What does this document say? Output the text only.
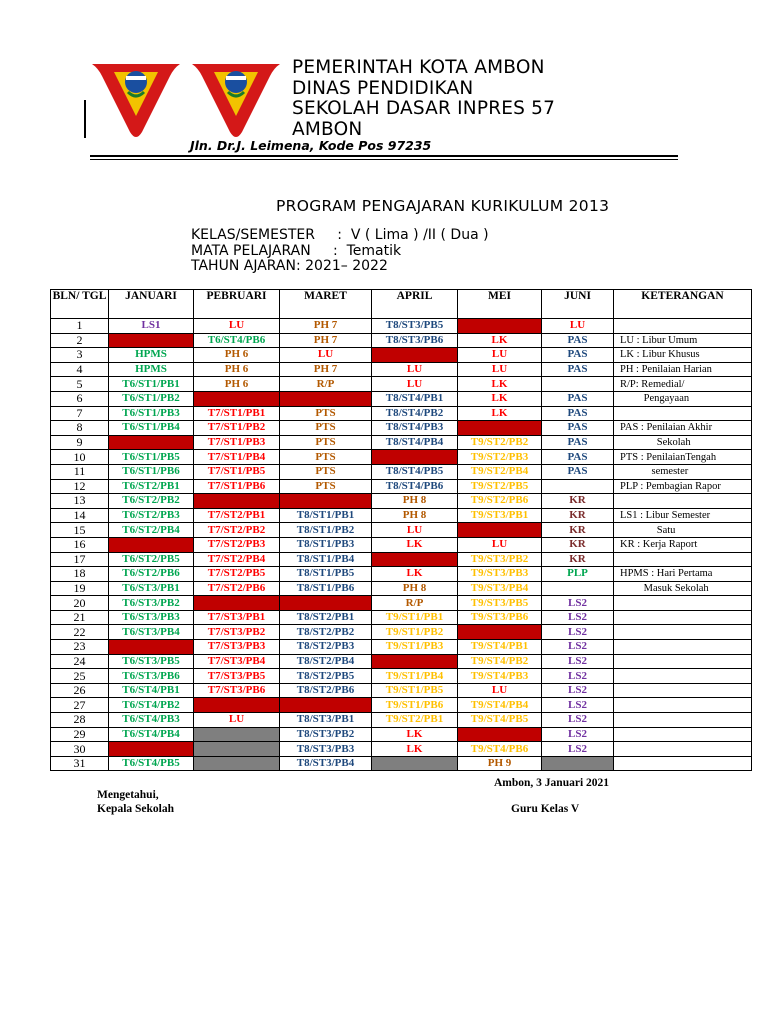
PEMERINTAH KOTA AMBON
DINAS PENDIDIKAN
SEKOLAH DASAR INPRES 57
AMBON
Jln. Dr.J. Leimena, Kode Pos 97235
PROGRAM PENGAJARAN KURIKULUM 2013
KELAS/SEMESTER     :  V ( Lima ) /II ( Dua )
MATA PELAJARAN     :  Tematik
TAHUN AJARAN: 2021– 2022
BLN/ TGL	JANUARI	PEBRUARI	MARET	APRIL	MEI	JUNI	KETERANGAN
1	LS1	LU	PH 7	T8/ST3/PB5		LU	
2		T6/ST4/PB6	PH 7	T8/ST3/PB6	LK	PAS	LU : Libur Umum
3	HPMS	PH 6	LU		LU	PAS	LK : Libur Khusus
4	HPMS	PH 6	PH 7	LU	LU	PAS	PH : Penilaian Harian
5	T6/ST1/PB1	PH 6	R/P	LU	LK		R/P: Remedial/
6	T6/ST1/PB2			T8/ST4/PB1	LK	PAS	Pengayaan
7	T6/ST1/PB3	T7/ST1/PB1	PTS	T8/ST4/PB2	LK	PAS	
8	T6/ST1/PB4	T7/ST1/PB2	PTS	T8/ST4/PB3		PAS	PAS : Penilaian Akhir
9		T7/ST1/PB3	PTS	T8/ST4/PB4	T9/ST2/PB2	PAS	Sekolah
10	T6/ST1/PB5	T7/ST1/PB4	PTS		T9/ST2/PB3	PAS	PTS : PenilaianTengah
11	T6/ST1/PB6	T7/ST1/PB5	PTS	T8/ST4/PB5	T9/ST2/PB4	PAS	semester
12	T6/ST2/PB1	T7/ST1/PB6	PTS	T8/ST4/PB6	T9/ST2/PB5		PLP : Pembagian Rapor
13	T6/ST2/PB2			PH 8	T9/ST2/PB6	KR	
14	T6/ST2/PB3	T7/ST2/PB1	T8/ST1/PB1	PH 8	T9/ST3/PB1	KR	LS1 : Libur Semester
15	T6/ST2/PB4	T7/ST2/PB2	T8/ST1/PB2	LU		KR	Satu
16		T7/ST2/PB3	T8/ST1/PB3	LK	LU	KR	KR : Kerja Raport
17	T6/ST2/PB5	T7/ST2/PB4	T8/ST1/PB4		T9/ST3/PB2	KR	
18	T6/ST2/PB6	T7/ST2/PB5	T8/ST1/PB5	LK	T9/ST3/PB3	PLP	HPMS : Hari Pertama
19	T6/ST3/PB1	T7/ST2/PB6	T8/ST1/PB6	PH 8	T9/ST3/PB4		Masuk Sekolah
20	T6/ST3/PB2			R/P	T9/ST3/PB5	LS2	
21	T6/ST3/PB3	T7/ST3/PB1	T8/ST2/PB1	T9/ST1/PB1	T9/ST3/PB6	LS2	
22	T6/ST3/PB4	T7/ST3/PB2	T8/ST2/PB2	T9/ST1/PB2		LS2	
23		T7/ST3/PB3	T8/ST2/PB3	T9/ST1/PB3	T9/ST4/PB1	LS2	
24	T6/ST3/PB5	T7/ST3/PB4	T8/ST2/PB4		T9/ST4/PB2	LS2	
25	T6/ST3/PB6	T7/ST3/PB5	T8/ST2/PB5	T9/ST1/PB4	T9/ST4/PB3	LS2	
26	T6/ST4/PB1	T7/ST3/PB6	T8/ST2/PB6	T9/ST1/PB5	LU	LS2	
27	T6/ST4/PB2			T9/ST1/PB6	T9/ST4/PB4	LS2	
28	T6/ST4/PB3	LU	T8/ST3/PB1	T9/ST2/PB1	T9/ST4/PB5	LS2	
29	T6/ST4/PB4		T8/ST3/PB2	LK		LS2	
30			T8/ST3/PB3	LK	T9/ST4/PB6	LS2	
31	T6/ST4/PB5		T8/ST3/PB4		PH 9		
Mengetahui,
Kepala Sekolah
Ambon, 3 Januari 2021
Guru Kelas V
